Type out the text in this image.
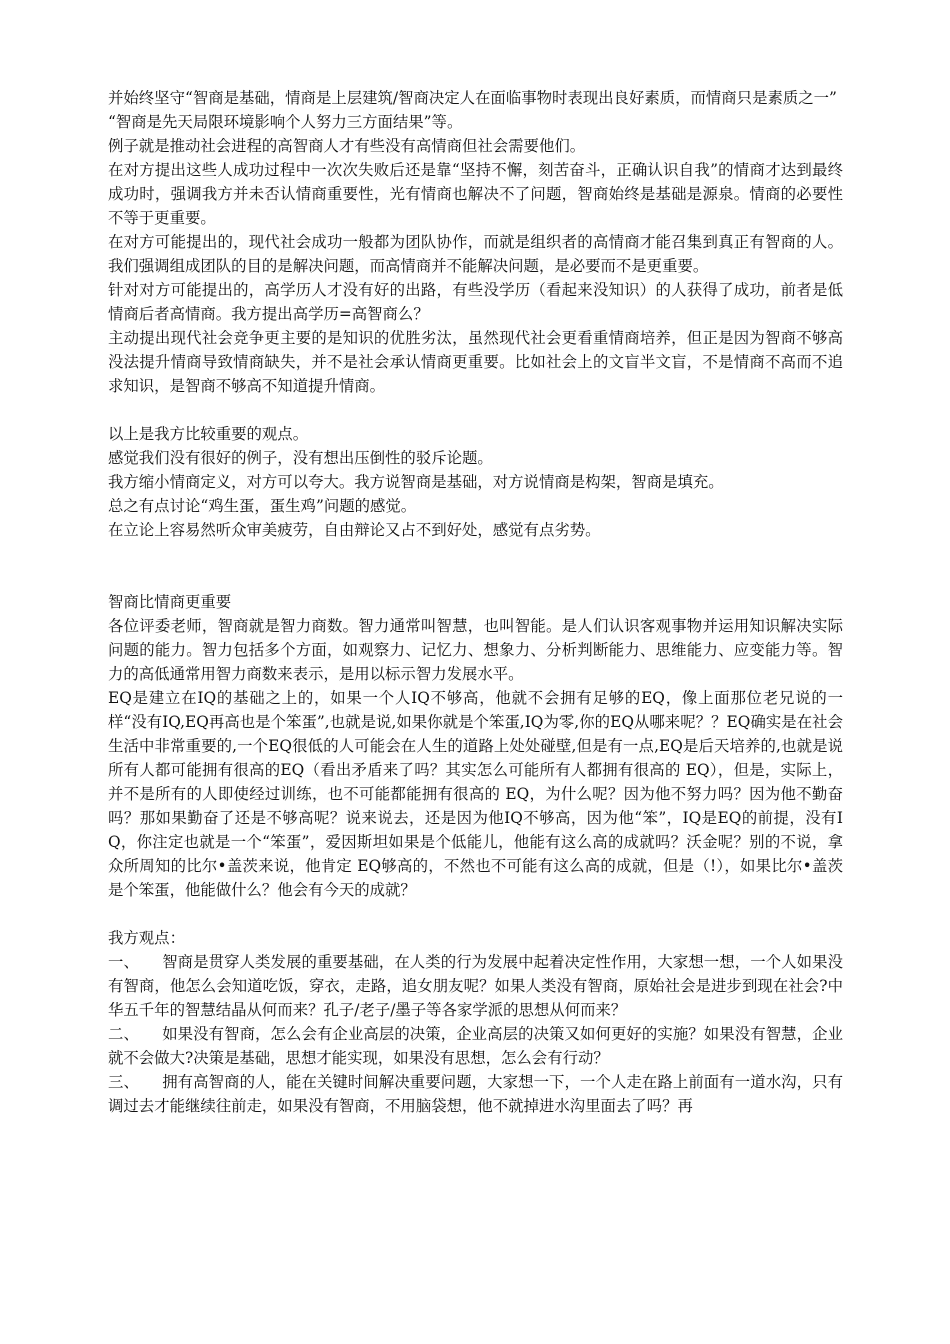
并始终坚守“智商是基础，情商是上层建筑/智商决定人在面临事物时表现出良好素质，而情商只是素质之一”

“智商是先天局限环境影响个人努力三方面结果”等。

例子就是推动社会进程的高智商人才有些没有高情商但社会需要他们。

在对方提出这些人成功过程中一次次失败后还是靠“坚持不懈，刻苦奋斗，正确认识自我”的情商才达到最终成功时，强调我方并未否认情商重要性，光有情商也解决不了问题，智商始终是基础是源泉。情商的必要性不等于更重要。

在对方可能提出的，现代社会成功一般都为团队协作，而就是组织者的高情商才能召集到真正有智商的人。我们强调组成团队的目的是解决问题，而高情商并不能解决问题，是必要而不是更重要。

针对对方可能提出的，高学历人才没有好的出路，有些没学历（看起来没知识）的人获得了成功，前者是低情商后者高情商。我方提出高学历=高智商么？

主动提出现代社会竞争更主要的是知识的优胜劣汰，虽然现代社会更看重情商培养，但正是因为智商不够高没法提升情商导致情商缺失，并不是社会承认情商更重要。比如社会上的文盲半文盲，不是情商不高而不追求知识，是智商不够高不知道提升情商。

以上是我方比较重要的观点。

感觉我们没有很好的例子，没有想出压倒性的驳斥论题。

我方缩小情商定义，对方可以夸大。我方说智商是基础，对方说情商是构架，智商是填充。

总之有点讨论“鸡生蛋，蛋生鸡”问题的感觉。

在立论上容易然听众审美疲劳，自由辩论又占不到好处，感觉有点劣势。

智商比情商更重要

各位评委老师，智商就是智力商数。智力通常叫智慧，也叫智能。是人们认识客观事物并运用知识解决实际问题的能力。智力包括多个方面，如观察力、记忆力、想象力、分析判断能力、思维能力、应变能力等。智力的高低通常用智力商数来表示，是用以标示智力发展水平。

EQ是建立在IQ的基础之上的，如果一个人IQ不够高，他就不会拥有足够的EQ，像上面那位老兄说的一样“没有IQ,EQ再高也是个笨蛋”,也就是说,如果你就是个笨蛋,IQ为零,你的EQ从哪来呢？？EQ确实是在社会生活中非常重要的,一个EQ很低的人可能会在人生的道路上处处碰壁,但是有一点,EQ是后天培养的,也就是说所有人都可能拥有很高的EQ（看出矛盾来了吗？其实怎么可能所有人都拥有很高的 EQ），但是，实际上，并不是所有的人即使经过训练，也不可能都能拥有很高的 EQ，为什么呢？因为他不努力吗？因为他不勤奋吗？那如果勤奋了还是不够高呢？说来说去，还是因为他IQ不够高，因为他“笨”，IQ是EQ的前提，没有IQ，你注定也就是一个“笨蛋”，爱因斯坦如果是个低能儿，他能有这么高的成就吗？沃金呢？别的不说，拿众所周知的比尔•盖茨来说，他肯定 EQ够高的，不然也不可能有这么高的成就，但是（!），如果比尔•盖茨是个笨蛋，他能做什么？他会有今天的成就？

我方观点：

一、　　智商是贯穿人类发展的重要基础，在人类的行为发展中起着决定性作用，大家想一想，一个人如果没有智商，他怎么会知道吃饭，穿衣，走路，追女朋友呢？如果人类没有智商，原始社会是进步到现在社会?中华五千年的智慧结晶从何而来？孔子/老子/墨子等各家学派的思想从何而来？

二、　　如果没有智商，怎么会有企业高层的决策，企业高层的决策又如何更好的实施？如果没有智慧，企业就不会做大?决策是基础，思想才能实现，如果没有思想，怎么会有行动？

三、　　拥有高智商的人，能在关键时间解决重要问题，大家想一下，一个人走在路上前面有一道水沟，只有调过去才能继续往前走，如果没有智商，不用脑袋想，他不就掉进水沟里面去了吗？再
